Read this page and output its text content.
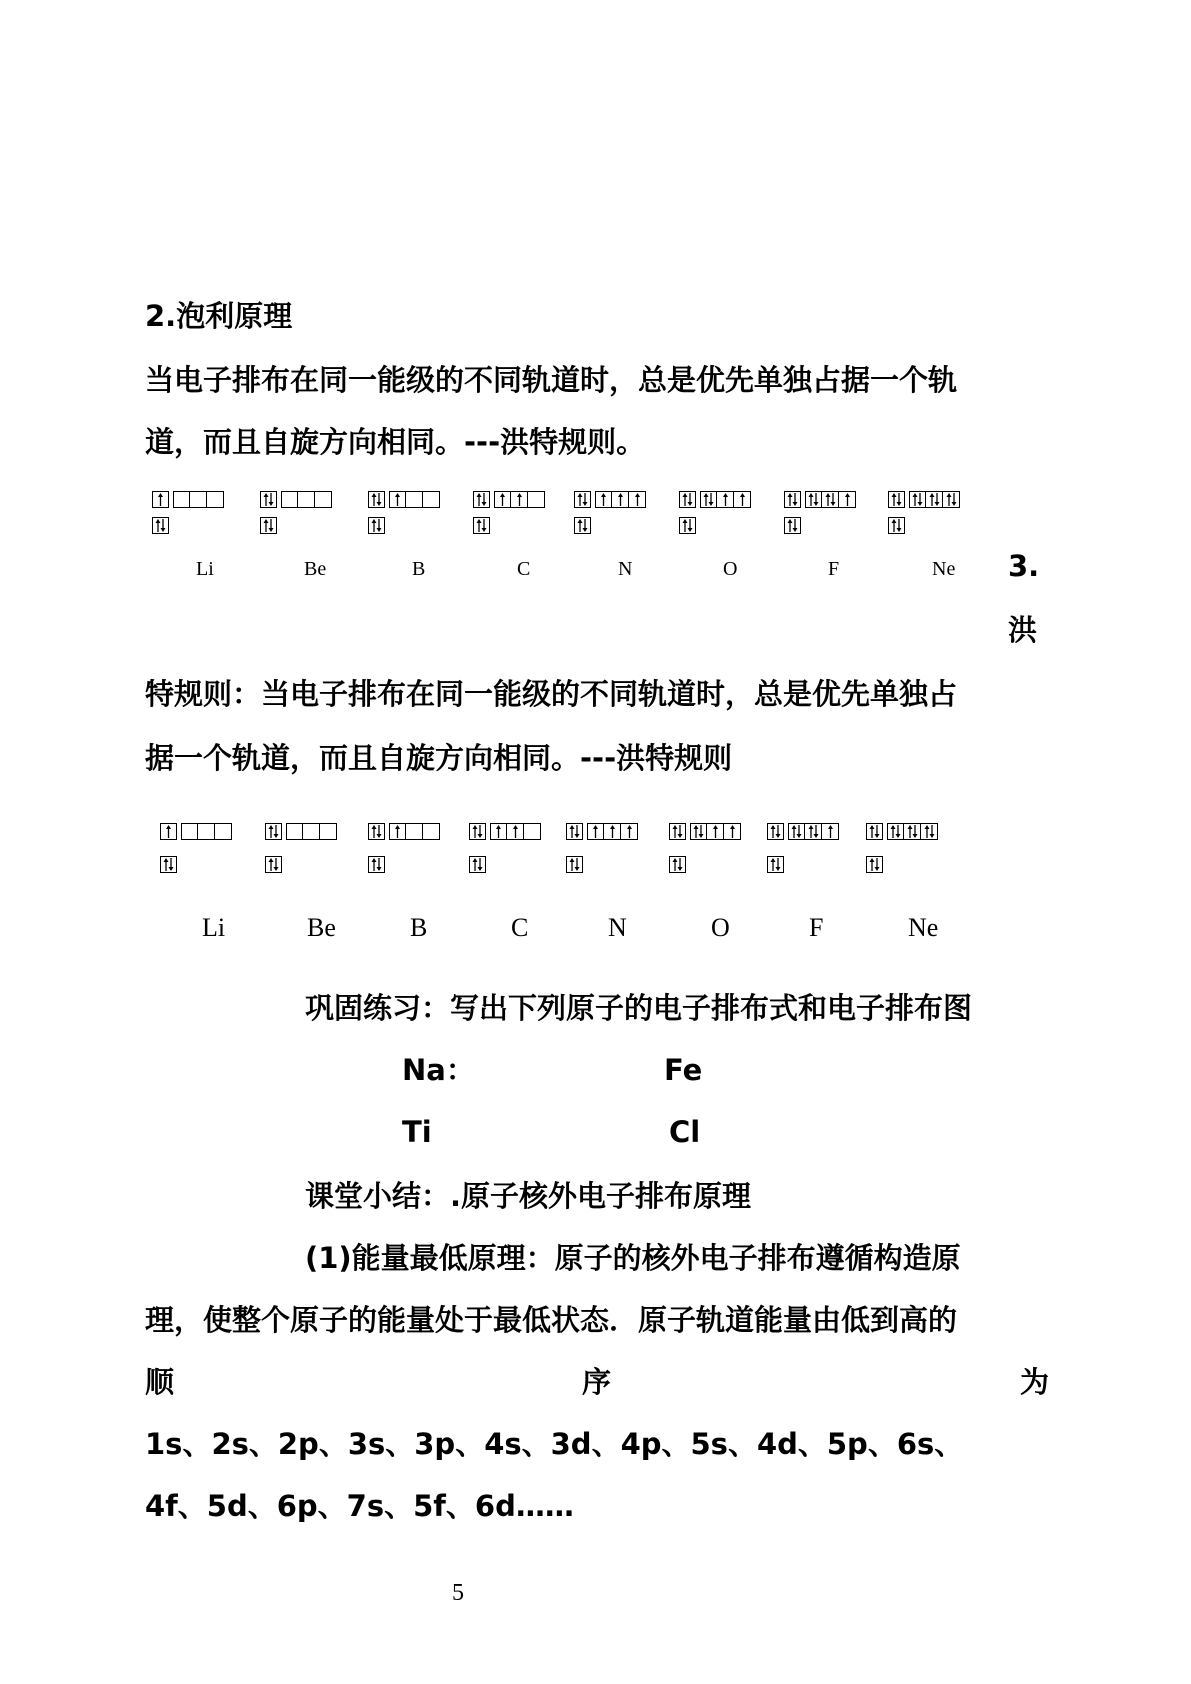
2.泡利原理
当电子排布在同一能级的不同轨道时，总是优先单独占据一个轨
道，而且自旋方向相同。---洪特规则。
Li	Be	B	C	N	O	F	Ne 3.
洪
特规则：当电子排布在同一能级的不同轨道时，总是优先单独占
据一个轨道，而且自旋方向相同。---洪特规则
Li	Be	B	C	N	O	F	Ne
巩固练习：写出下列原子的电子排布式和电子排布图
Na：	Fe
Ti	Cl
课堂小结：.原子核外电子排布原理
(1)能量最低原理：原子的核外电子排布遵循构造原
理，使整个原子的能量处于最低状态．原子轨道能量由低到高的
顺	序	为
1s、2s、2p、3s、3p、4s、3d、4p、5s、4d、5p、6s、
4f、5d、6p、7s、5f、6d……
5
